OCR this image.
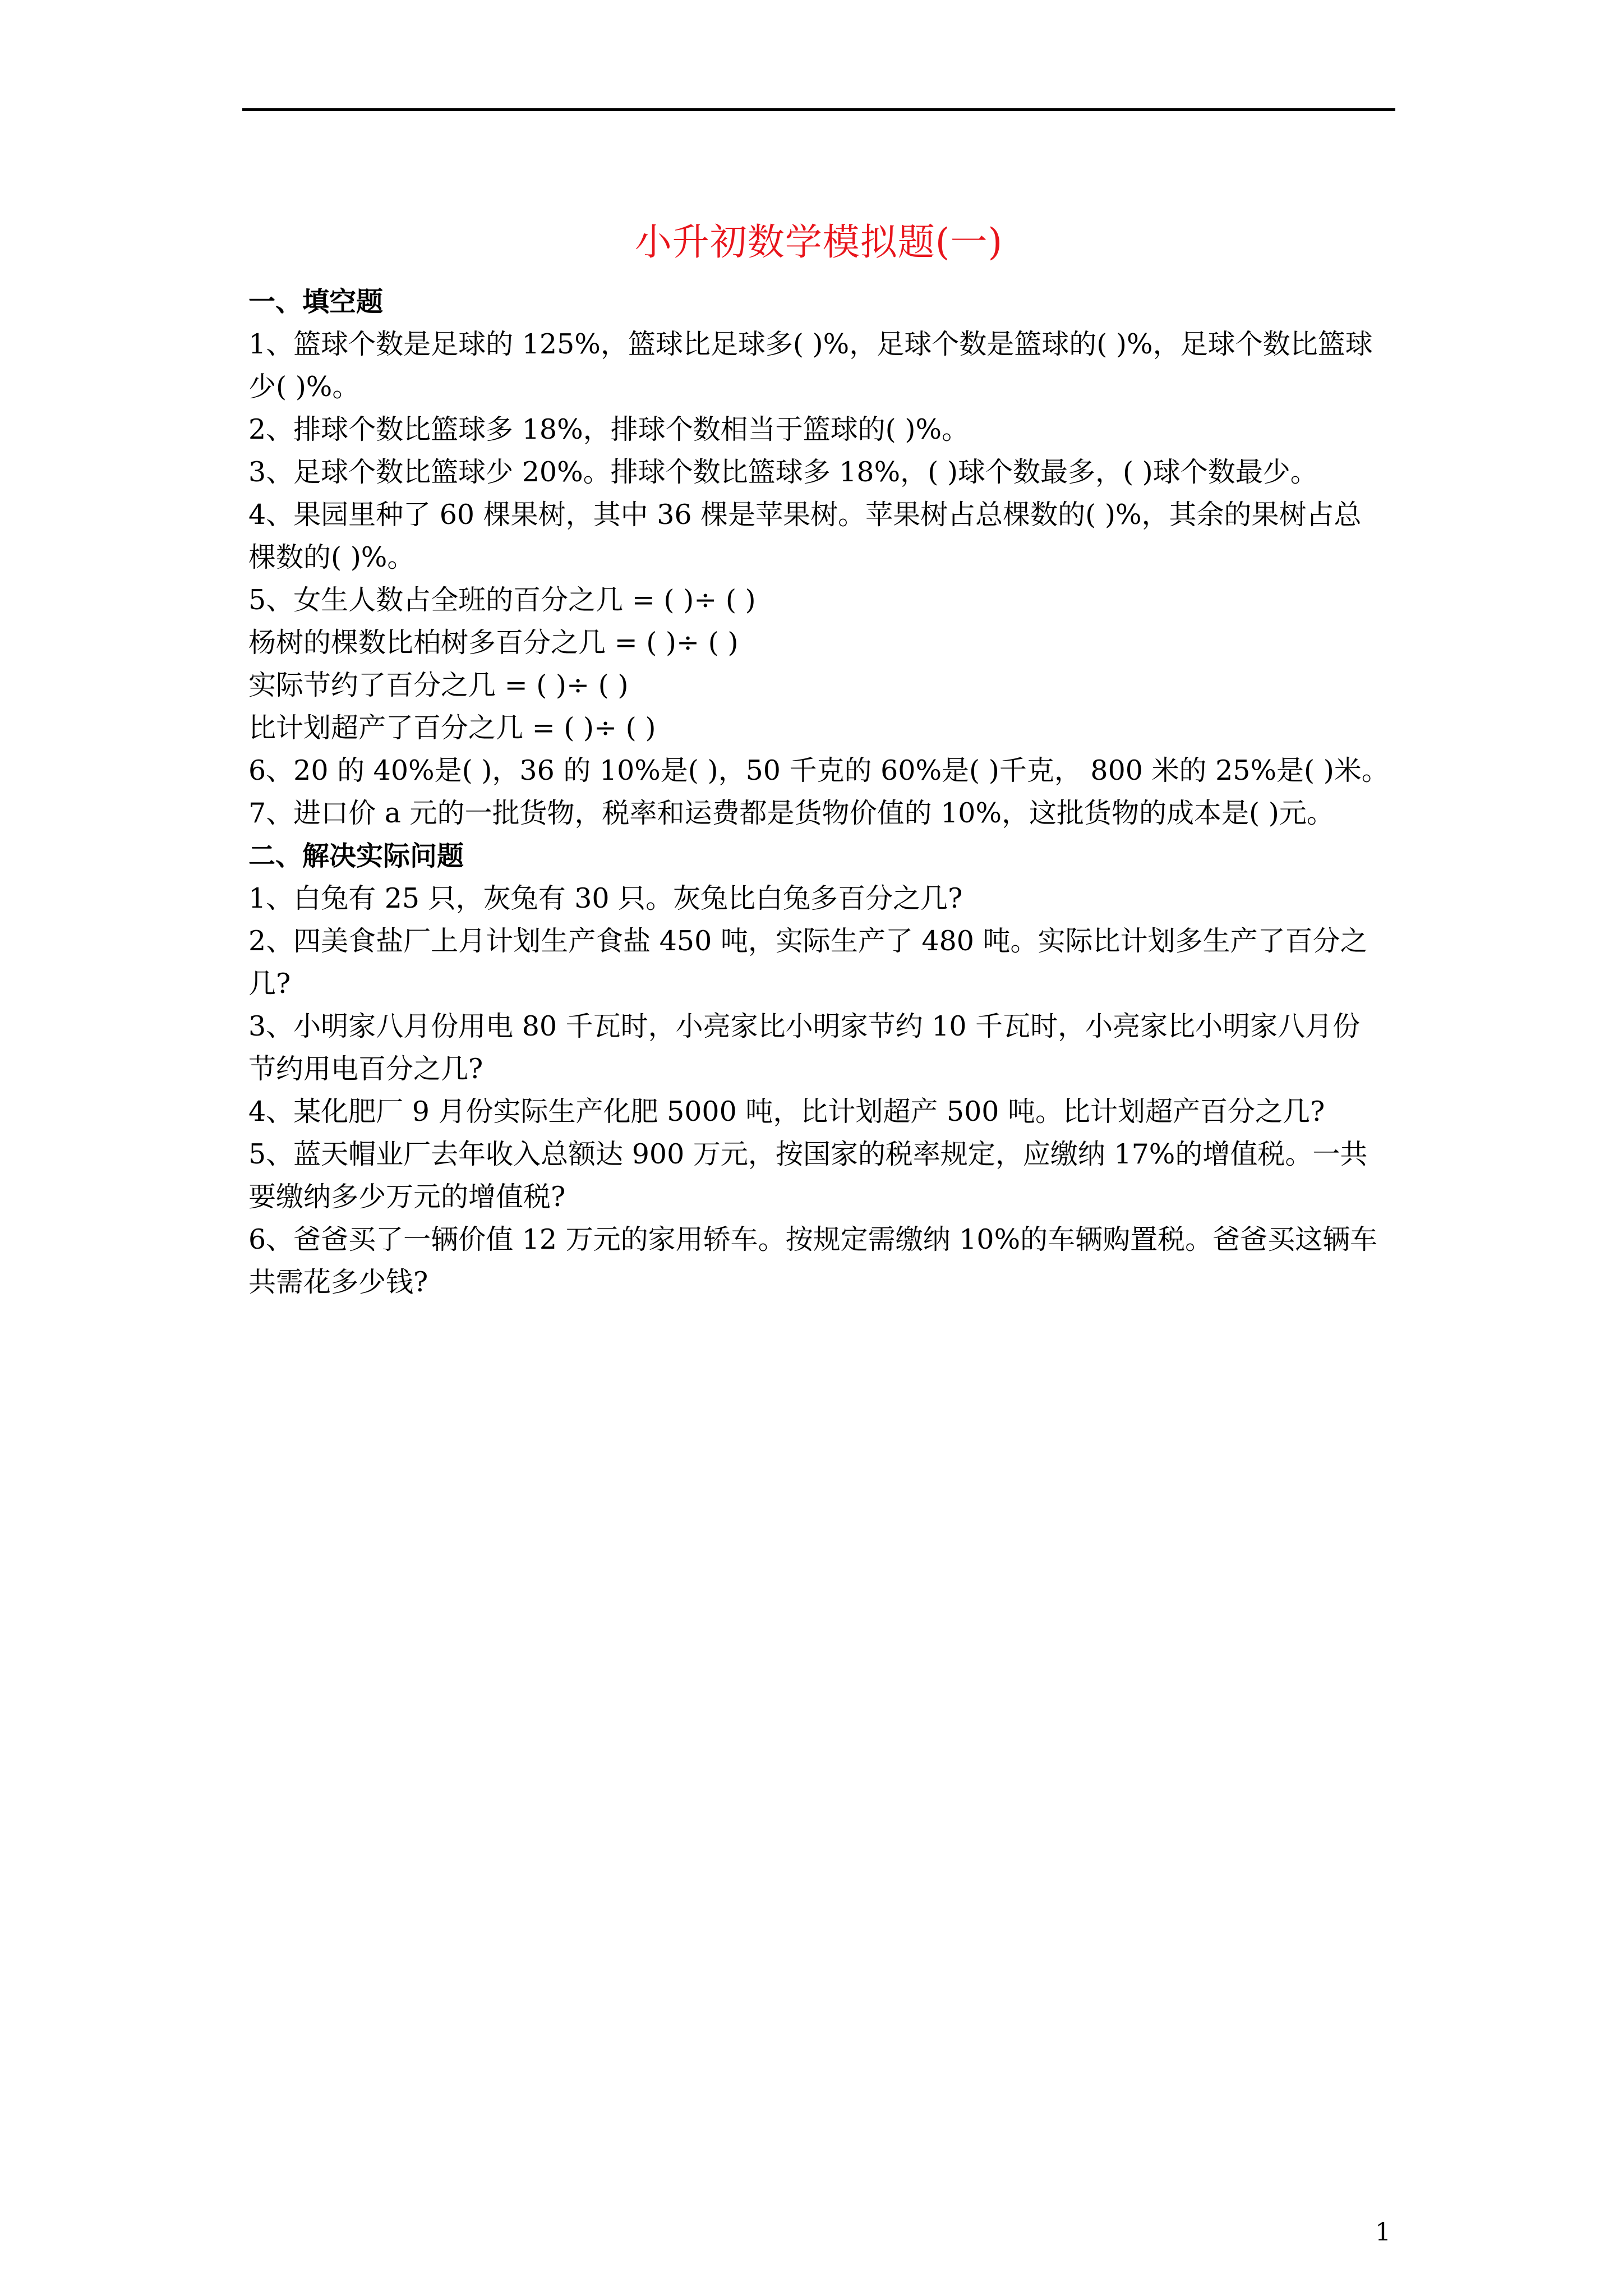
小升初数学模拟题(一)
一、填空题
1、篮球个数是足球的 125%，篮球比足球多( )%，足球个数是篮球的( )%，足球个数比篮球
少( )%。
2、排球个数比篮球多 18%，排球个数相当于篮球的( )%。
3、足球个数比篮球少 20%。排球个数比篮球多 18%，( )球个数最多，( )球个数最少。
4、果园里种了 60 棵果树，其中 36 棵是苹果树。苹果树占总棵数的( )%，其余的果树占总
棵数的( )%。
5、女生人数占全班的百分之几 = ( )÷ ( )
杨树的棵数比柏树多百分之几 = ( )÷ ( )
实际节约了百分之几 = ( )÷ ( )
比计划超产了百分之几 = ( )÷ ( )
6、20 的 40%是( )，36 的 10%是( )，50 千克的 60%是( )千克， 800 米的 25%是( )米。
7、进口价 a 元的一批货物，税率和运费都是货物价值的 10%，这批货物的成本是( )元。
二、解决实际问题
1、白兔有 25 只，灰兔有 30 只。灰兔比白兔多百分之几?
2、四美食盐厂上月计划生产食盐 450 吨，实际生产了 480 吨。实际比计划多生产了百分之
几?
3、小明家八月份用电 80 千瓦时，小亮家比小明家节约 10 千瓦时，小亮家比小明家八月份
节约用电百分之几?
4、某化肥厂 9 月份实际生产化肥 5000 吨，比计划超产 500 吨。比计划超产百分之几?
5、蓝天帽业厂去年收入总额达 900 万元，按国家的税率规定，应缴纳 17%的增值税。一共
要缴纳多少万元的增值税?
6、爸爸买了一辆价值 12 万元的家用轿车。按规定需缴纳 10%的车辆购置税。爸爸买这辆车
共需花多少钱?
1
